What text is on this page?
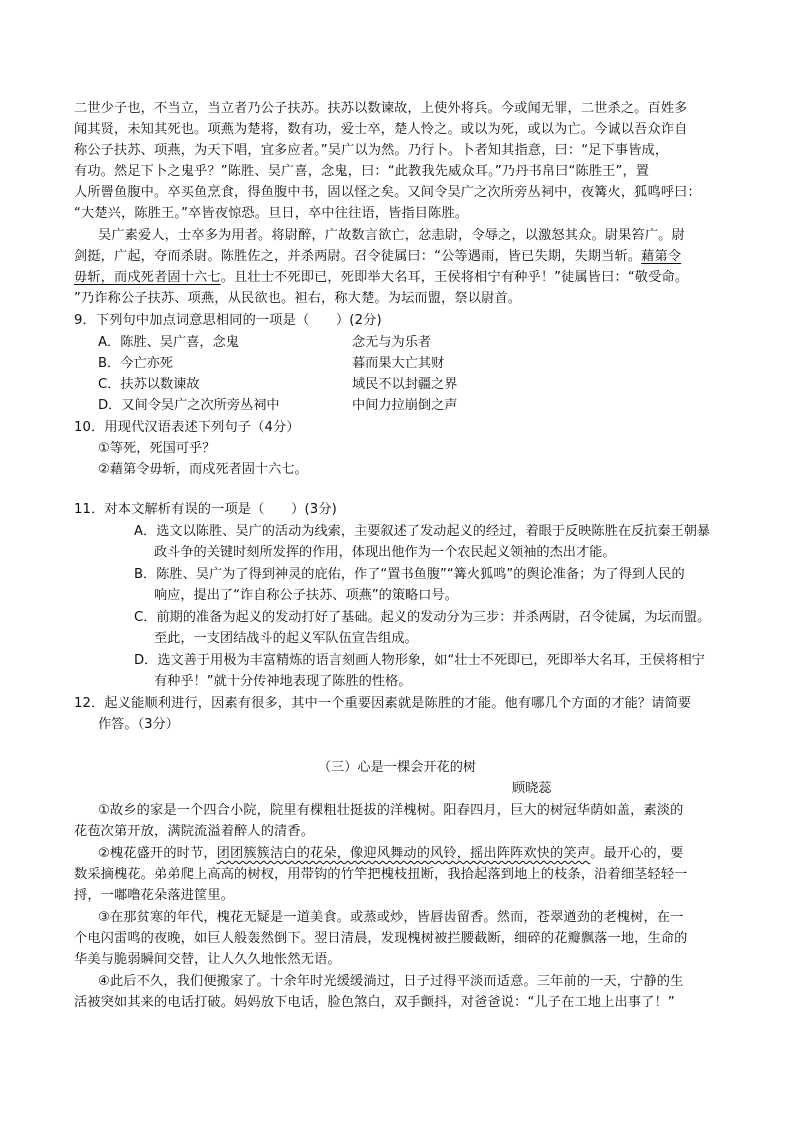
二世少子也，不当立，当立者乃公子扶苏。扶苏以数谏故，上使外将兵。今或闻无罪，二世杀之。百姓多
闻其贤，未知其死也。项燕为楚将，数有功，爱士卒，楚人怜之。或以为死，或以为亡。今诚以吾众诈自
称公子扶苏、项燕，为天下唱，宜多应者。”吴广以为然。乃行卜。卜者知其指意，曰：“足下事皆成，
有功。然足下卜之鬼乎？”陈胜、吴广喜，念鬼，曰：“此教我先威众耳。”乃丹书帛曰“陈胜王”，置
人所罾鱼腹中。卒买鱼烹食，得鱼腹中书，固以怪之矣。又间令吴广之次所旁丛祠中，夜篝火，狐鸣呼曰：
“大楚兴，陈胜王。”卒皆夜惊恐。旦日，卒中往往语，皆指目陈胜。
吴广素爱人，士卒多为用者。将尉醉，广故数言欲亡，忿恚尉，令辱之，以激怒其众。尉果笞广。尉
剑挺，广起，夺而杀尉。陈胜佐之，并杀两尉。召令徒属曰：“公等遇雨，皆已失期，失期当斩。藉第令
毋斩，而戍死者固十六七。且壮士不死即已，死即举大名耳，王侯将相宁有种乎！”徒属皆曰：“敬受命。
”乃诈称公子扶苏、项燕，从民欲也。袒右，称大楚。为坛而盟，祭以尉首。
9．下列句中加点词意思相同的一项是（　　）(2分)
A．陈胜、吴广喜，念鬼	念无与为乐者
B．今亡亦死	暮而果大亡其财
C．扶苏以数谏故	域民不以封疆之界
D．又间令吴广之次所旁丛祠中	中间力拉崩倒之声
10．用现代汉语表述下列句子（4分）
①等死，死国可乎？
②藉第令毋斩，而戍死者固十六七。
11．对本文解析有误的一项是（　　）(3分)
A．选文以陈胜、吴广的活动为线索，主要叙述了发动起义的经过，着眼于反映陈胜在反抗秦王朝暴
政斗争的关键时刻所发挥的作用，体现出他作为一个农民起义领袖的杰出才能。
B．陈胜、吴广为了得到神灵的庇佑，作了“置书鱼腹”“篝火狐鸣”的舆论准备；为了得到人民的
响应，提出了“诈自称公子扶苏、项燕”的策略口号。
C．前期的准备为起义的发动打好了基础。起义的发动分为三步：并杀两尉，召令徒属，为坛而盟。
至此，一支团结战斗的起义军队伍宣告组成。
D．选文善于用极为丰富精炼的语言刻画人物形象，如“壮士不死即已，死即举大名耳，王侯将相宁
有种乎！”就十分传神地表现了陈胜的性格。
12．起义能顺利进行，因素有很多，其中一个重要因素就是陈胜的才能。他有哪几个方面的才能？请简要
作答。（3分）
（三）心是一棵会开花的树
顾晓蕊
①故乡的家是一个四合小院，院里有棵粗壮挺拔的洋槐树。阳春四月，巨大的树冠华荫如盖，素淡的
花苞次第开放，满院流溢着醉人的清香。
②槐花盛开的时节，团团簇簇洁白的花朵，像迎风舞动的风铃，摇出阵阵欢快的笑声。最开心的，要
数采摘槐花。弟弟爬上高高的树杈，用带钩的竹竿把槐枝扭断，我拾起落到地上的枝条，沿着细茎轻轻一
捋，一嘟噜花朵落进筐里。
③在那贫寒的年代，槐花无疑是一道美食。或蒸或炒，皆唇齿留香。然而，苍翠遒劲的老槐树，在一
个电闪雷鸣的夜晚，如巨人般轰然倒下。翌日清晨，发现槐树被拦腰截断，细碎的花瓣飘落一地，生命的
华美与脆弱瞬间交替，让人久久地怅然无语。
④此后不久，我们便搬家了。十余年时光缓缓淌过，日子过得平淡而适意。三年前的一天，宁静的生
活被突如其来的电话打破。妈妈放下电话，脸色煞白，双手颤抖，对爸爸说：“儿子在工地上出事了！”
